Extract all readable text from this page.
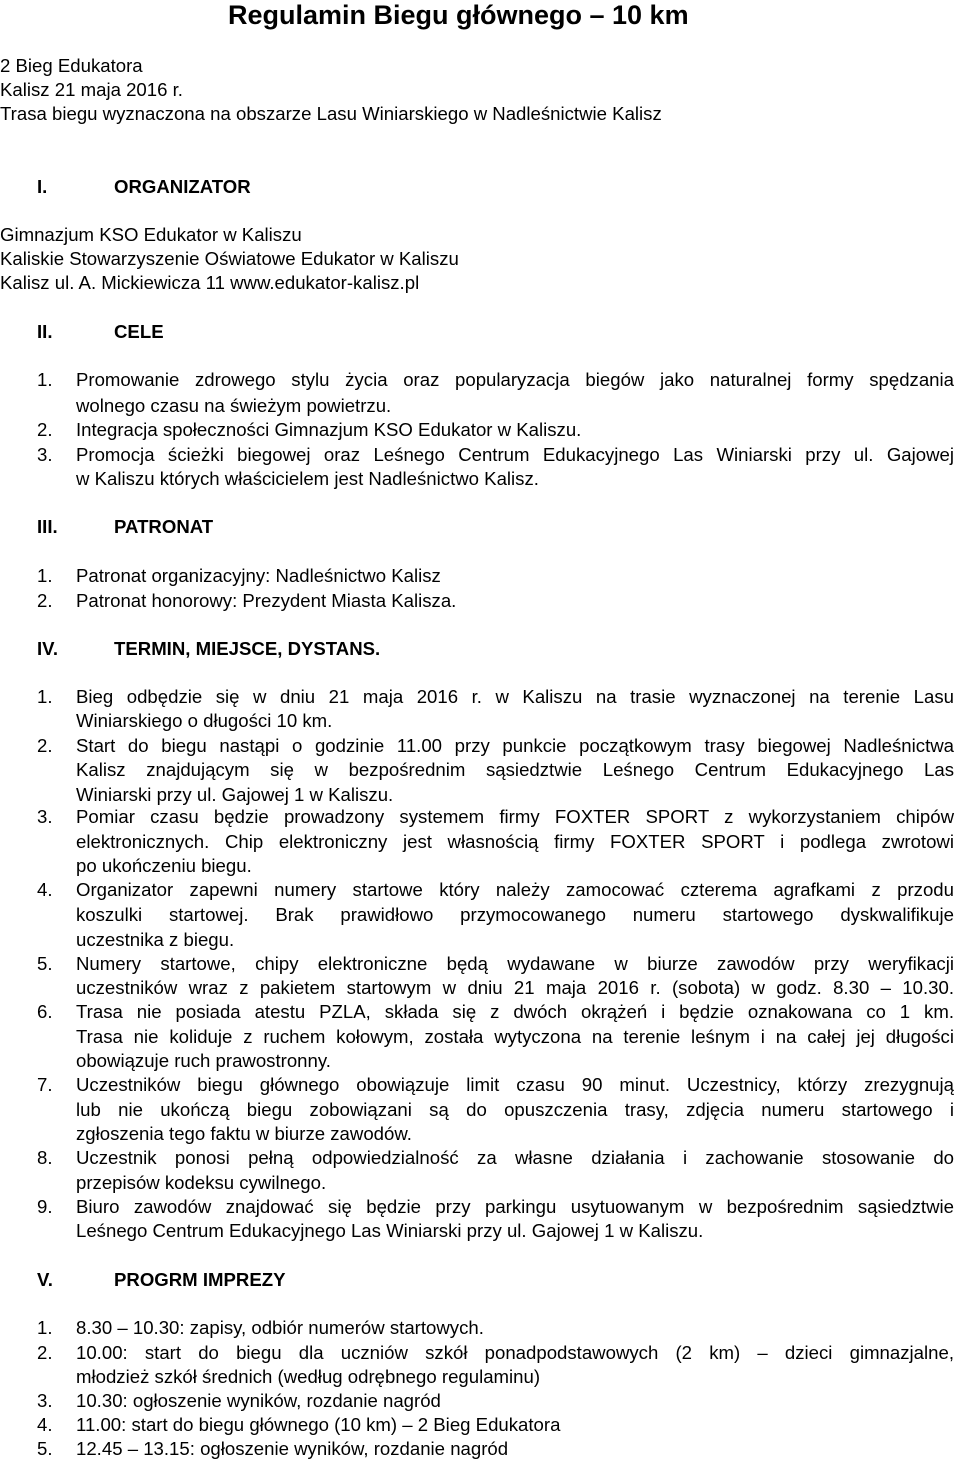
Regulamin Biegu głównego – 10 km
2 Bieg Edukatora
Kalisz 21 maja 2016 r.
Trasa biegu wyznaczona na obszarze Lasu Winiarskiego w Nadleśnictwie Kalisz
I.	ORGANIZATOR
Gimnazjum KSO Edukator w Kaliszu
Kaliskie Stowarzyszenie Oświatowe Edukator w Kaliszu
Kalisz ul. A. Mickiewicza 11 www.edukator-kalisz.pl
II.	CELE
1. Promowanie zdrowego stylu życia oraz popularyzacja biegów jako naturalnej formy spędzania
wolnego czasu na świeżym powietrzu.
2. Integracja społeczności Gimnazjum KSO Edukator w Kaliszu.
3. Promocja ścieżki biegowej oraz Leśnego Centrum Edukacyjnego Las Winiarski przy ul. Gajowej
w Kaliszu których właścicielem jest Nadleśnictwo Kalisz.
III.	PATRONAT
1. Patronat organizacyjny: Nadleśnictwo Kalisz
2. Patronat honorowy: Prezydent Miasta Kalisza.
IV.	TERMIN, MIEJSCE, DYSTANS.
1. Bieg odbędzie się w dniu 21 maja 2016 r. w Kaliszu na trasie wyznaczonej na terenie Lasu
Winiarskiego o długości 10 km.
2. Start do biegu nastąpi o godzinie 11.00 przy punkcie początkowym trasy biegowej Nadleśnictwa
Kalisz znajdującym się w bezpośrednim sąsiedztwie Leśnego Centrum Edukacyjnego Las
Winiarski przy ul. Gajowej 1 w Kaliszu.
3. Pomiar czasu będzie prowadzony systemem firmy FOXTER SPORT z wykorzystaniem chipów
elektronicznych. Chip elektroniczny jest własnością firmy FOXTER SPORT i podlega zwrotowi
po ukończeniu biegu.
4. Organizator zapewni numery startowe który należy zamocować czterema agrafkami z przodu
koszulki startowej. Brak prawidłowo przymocowanego numeru startowego dyskwalifikuje
uczestnika z biegu.
5. Numery startowe, chipy elektroniczne będą wydawane w biurze zawodów przy weryfikacji
uczestników wraz z pakietem startowym w dniu 21 maja 2016 r. (sobota) w godz. 8.30 – 10.30.
6. Trasa nie posiada atestu PZLA, składa się z dwóch okrążeń i będzie oznakowana co 1 km.
Trasa nie koliduje z ruchem kołowym, została wytyczona na terenie leśnym i na całej jej długości
obowiązuje ruch prawostronny.
7. Uczestników biegu głównego obowiązuje limit czasu 90 minut. Uczestnicy, którzy zrezygnują
lub nie ukończą biegu zobowiązani są do opuszczenia trasy, zdjęcia numeru startowego i
zgłoszenia tego faktu w biurze zawodów.
8. Uczestnik ponosi pełną odpowiedzialność za własne działania i zachowanie stosowanie do
przepisów kodeksu cywilnego.
9. Biuro zawodów znajdować się będzie przy parkingu usytuowanym w bezpośrednim sąsiedztwie
Leśnego Centrum Edukacyjnego Las Winiarski przy ul. Gajowej 1 w Kaliszu.
V.	PROGRM IMPREZY
1. 8.30 – 10.30: zapisy, odbiór numerów startowych.
2. 10.00: start do biegu dla uczniów szkół ponadpodstawowych (2 km) – dzieci gimnazjalne,
młodzież szkół średnich (według odrębnego regulaminu)
3. 10.30: ogłoszenie wyników, rozdanie nagród
4. 11.00: start do biegu głównego (10 km) – 2 Bieg Edukatora
5. 12.45 – 13.15: ogłoszenie wyników, rozdanie nagród
